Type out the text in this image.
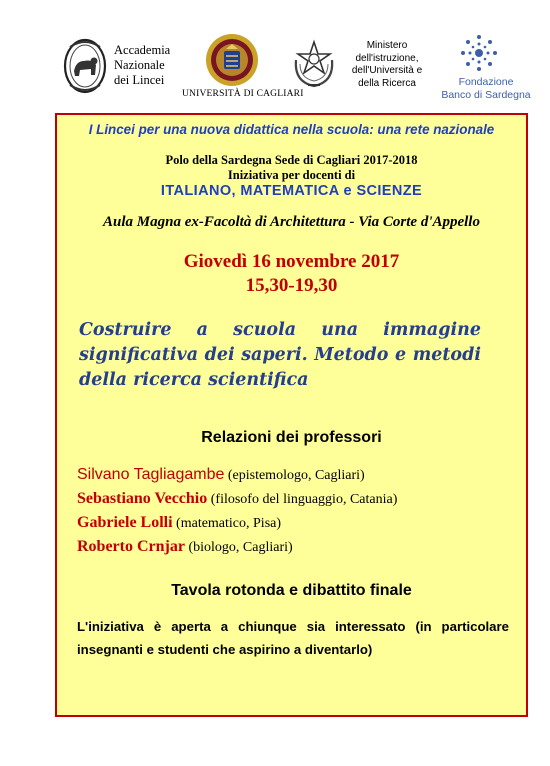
Accademia
Nazionale
dei Lincei
UNIVERSITÀ DI CAGLIARI
Ministero
dell'istruzione,
dell'Università e
della Ricerca	Fondazione
Banco di Sardegna
I Lincei per una nuova didattica nella scuola: una rete nazionale
Polo della Sardegna Sede di Cagliari 2017-2018
Iniziativa per docenti di
ITALIANO, MATEMATICA e SCIENZE
Aula Magna ex-Facoltà di Architettura - Via Corte d'Appello
Giovedì 16 novembre 2017
15,30-19,30
Costruire a scuola una immagine significativa dei saperi. Metodo e metodi della ricerca scientifica
Relazioni dei professori
Silvano Tagliagambe (epistemologo, Cagliari)
Sebastiano Vecchio (filosofo del linguaggio, Catania)
Gabriele Lolli (matematico, Pisa)
Roberto Crnjar (biologo, Cagliari)
Tavola rotonda e dibattito finale
L'iniziativa è aperta a chiunque sia interessato (in particolare insegnanti e studenti che aspirino a diventarlo)
